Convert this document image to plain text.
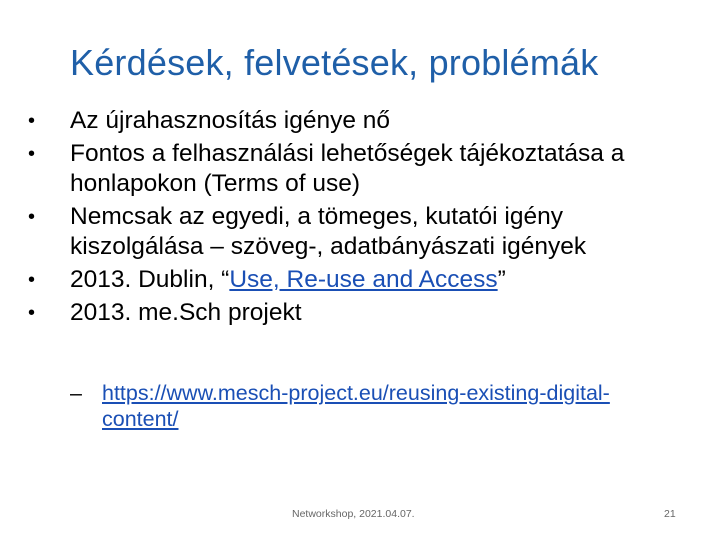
Kérdések, felvetések, problémák
• Az újrahasznosítás igénye nő
• Fontos a felhasználási lehetőségek tájékoztatása a honlapokon (Terms of use)
• Nemcsak az egyedi, a tömeges, kutatói igény kiszolgálása – szöveg-, adatbányászati igények
• 2013. Dublin, “Use, Re-use and Access”
• 2013. me.Sch projekt
– https://www.mesch-project.eu/reusing-existing-digital-content/
Networkshop, 2021.04.07.	21
